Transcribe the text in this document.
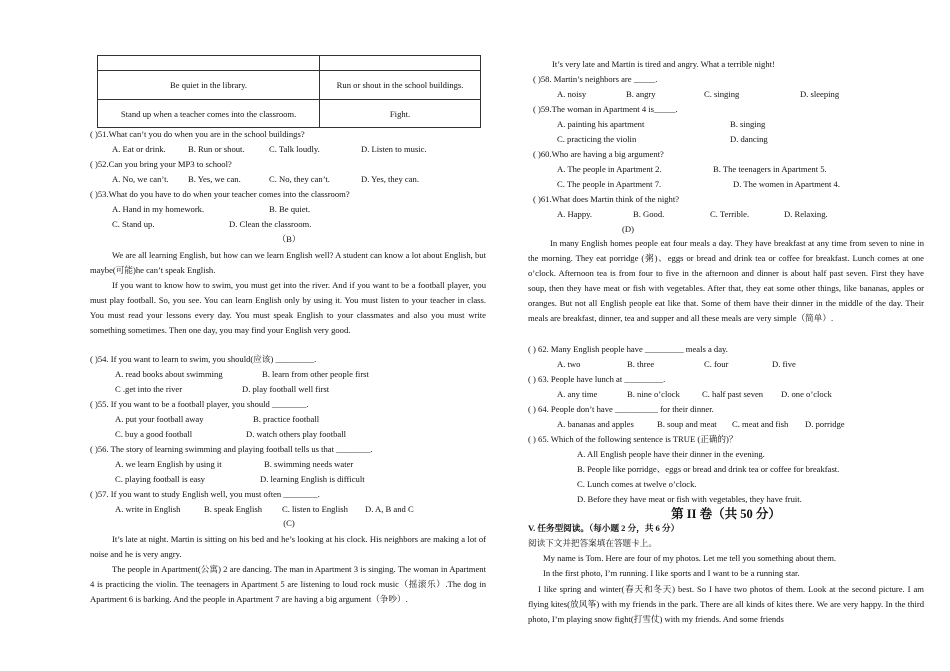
Be quiet in the library.	Run or shout in the school buildings.
Stand up when a teacher comes into the classroom.	Fight.
( )51.What can’t you do when you are in the school buildings?
A. Eat or drink.	B. Run or shout.	C. Talk loudly.	D. Listen to music.
( )52.Can you bring your MP3 to school?
A. No, we can’t. B. Yes, we can.	C. No, they can’t.	D. Yes, they can.
( )53.What do you have to do when your teacher comes into the classroom?
A. Hand in my homework.	B. Be quiet.
C. Stand up.	D. Clean the classroom.
（B）
We are all learning English, but how can we learn English well? A student can know a lot about English, but maybe(可能)he can’t speak English.
If you want to know how to swim, you must get into the river. And if you want to be a football player, you must play football. So, you see. You can learn English only by using it. You must listen to your teacher in class. You must read your lessons every day. You must speak English to your classmates and also you must write something sometimes. Then one day, you may find your English very good.
( )54. If you want to learn to swim, you should(应该) _________.
A. read books about swimming	B. learn from other people first
C .get into the river	D. play football well first
( )55. If you want to be a football player, you should ________.
A. put your football away	B. practice football
C. buy a good football	D. watch others play football
( )56. The story of learning swimming and playing football tells us that ________.
A. we learn English by using it	B. swimming needs water
C. playing football is easy	D. learning English is difficult
( )57. If you want to study English well, you must often ________.
A. write in English	B. speak English C. listen to English D. A, B and C
(C)
It’s late at night. Martin is sitting on his bed and he’s looking at his clock. His neighbors are making a lot of noise and he is very angry.
The people in Apartment(公寓) 2 are dancing. The man in Apartment 3 is singing. The woman in Apartment 4 is practicing the violin. The teenagers in Apartment 5 are listening to loud rock music（摇滚乐）.The dog in Apartment 6 is barking. And the people in Apartment 7 are having a big argument（争吵）.
It’s very late and Martin is tired and angry. What a terrible night!
( )58. Martin’s neighbors are _____.
A. noisy	B. angry	C. singing	D. sleeping
( )59.The woman in Apartment 4 is_____.
A. painting his apartment	B. singing
C. practicing the violin	D. dancing
( )60.Who are having a big argument?
A. The people in Apartment 2.	B. The teenagers in Apartment 5.
C. The people in Apartment 7.	D. The women in Apartment 4.
( )61.What does Martin think of the night?
A. Happy.	B. Good.	C. Terrible.	D. Relaxing.
(D)
In many English homes people eat four meals a day. They have breakfast at any time from seven to nine in the morning. They eat porridge (粥)、eggs or bread and drink tea or coffee for breakfast. Lunch comes at one o’clock. Afternoon tea is from four to five in the afternoon and dinner is about half past seven. First they have soup, then they have meat or fish with vegetables. After that, they eat some other things, like bananas, apples or oranges. But not all English people eat like that. Some of them have their dinner in the middle of the day. Their meals are breakfast, dinner, tea and supper and all these meals are very simple（简单）.
( ) 62. Many English people have _________ meals a day.
A. two	B. three	C. four	D. five
( ) 63. People have lunch at _________.
A. any time	B. nine o’clock	C. half past seven D. one o’clock
( ) 64. People don’t have __________ for their dinner.
A. bananas and apples	B. soup and meat C. meat and fish D. porridge
( ) 65. Which of the following sentence is TRUE (正确的)？
A. All English people have their dinner in the evening.
B. People like porridge、eggs or bread and drink tea or coffee for breakfast.
C. Lunch comes at twelve o’clock.
D. Before they have meat or fish with vegetables, they have fruit.
第 II 卷（共 50 分）
V. 任务型阅读。（每小题 2 分，共 6 分）
阅读下文并把答案填在答题卡上。
My name is Tom. Here are four of my photos. Let me tell you something about them.
In the first photo, I’m running. I like sports and I want to be a running star.
I like spring and winter(春天和冬天) best. So I have two photos of them. Look at the second picture. I am flying kites(放风筝) with my friends in the park. There are all kinds of kites there. We are very happy. In the third photo, I’m playing snow fight(打雪仗) with my friends. And some friends
